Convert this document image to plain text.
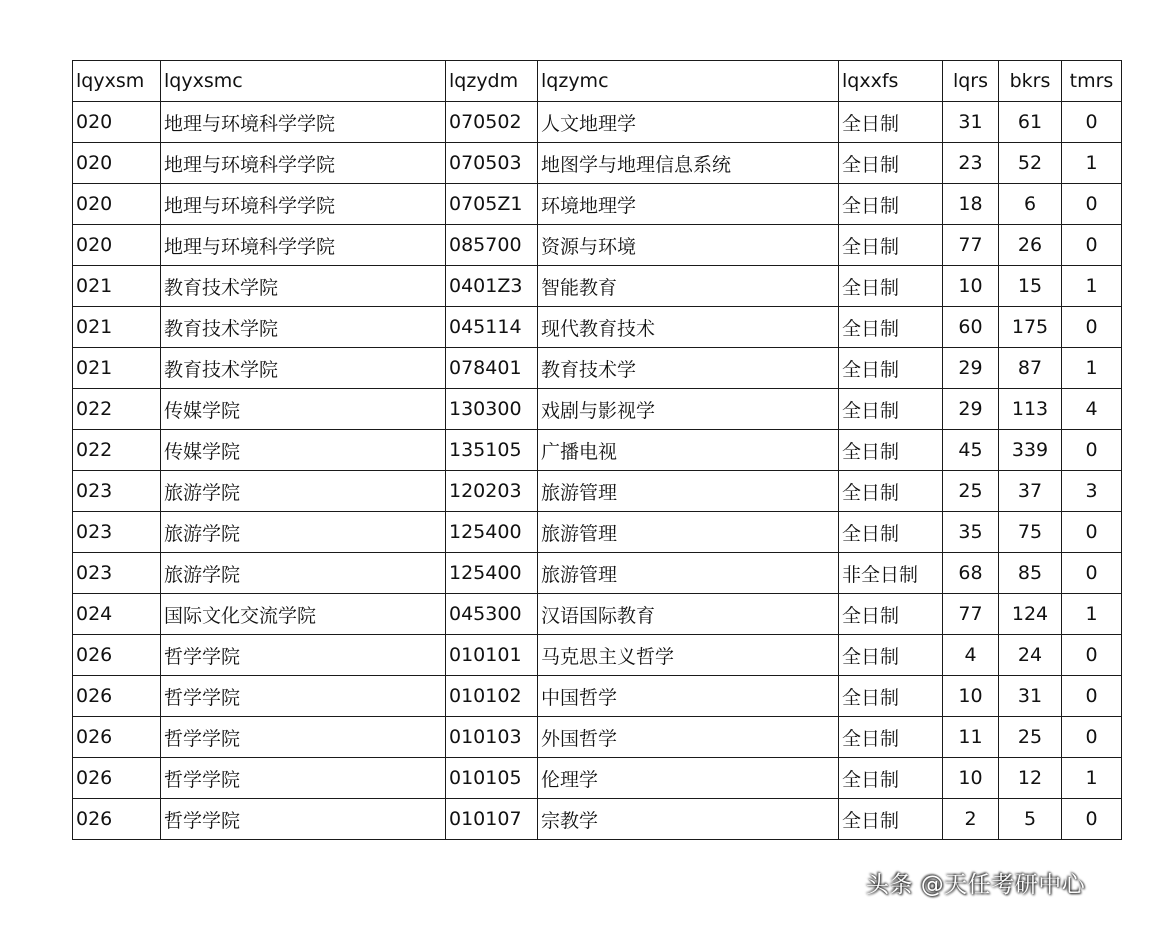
lqyxsm	lqyxsmc	lqzydm	lqzymc	lqxxfs	lqrs	bkrs	tmrs
020	地理与环境科学学院	070502	人文地理学	全日制	31	61	0
020	地理与环境科学学院	070503	地图学与地理信息系统	全日制	23	52	1
020	地理与环境科学学院	0705Z1	环境地理学	全日制	18	6	0
020	地理与环境科学学院	085700	资源与环境	全日制	77	26	0
021	教育技术学院	0401Z3	智能教育	全日制	10	15	1
021	教育技术学院	045114	现代教育技术	全日制	60	175	0
021	教育技术学院	078401	教育技术学	全日制	29	87	1
022	传媒学院	130300	戏剧与影视学	全日制	29	113	4
022	传媒学院	135105	广播电视	全日制	45	339	0
023	旅游学院	120203	旅游管理	全日制	25	37	3
023	旅游学院	125400	旅游管理	全日制	35	75	0
023	旅游学院	125400	旅游管理	非全日制	68	85	0
024	国际文化交流学院	045300	汉语国际教育	全日制	77	124	1
026	哲学学院	010101	马克思主义哲学	全日制	4	24	0
026	哲学学院	010102	中国哲学	全日制	10	31	0
026	哲学学院	010103	外国哲学	全日制	11	25	0
026	哲学学院	010105	伦理学	全日制	10	12	1
026	哲学学院	010107	宗教学	全日制	2	5	0
头条 @天任考研中心
